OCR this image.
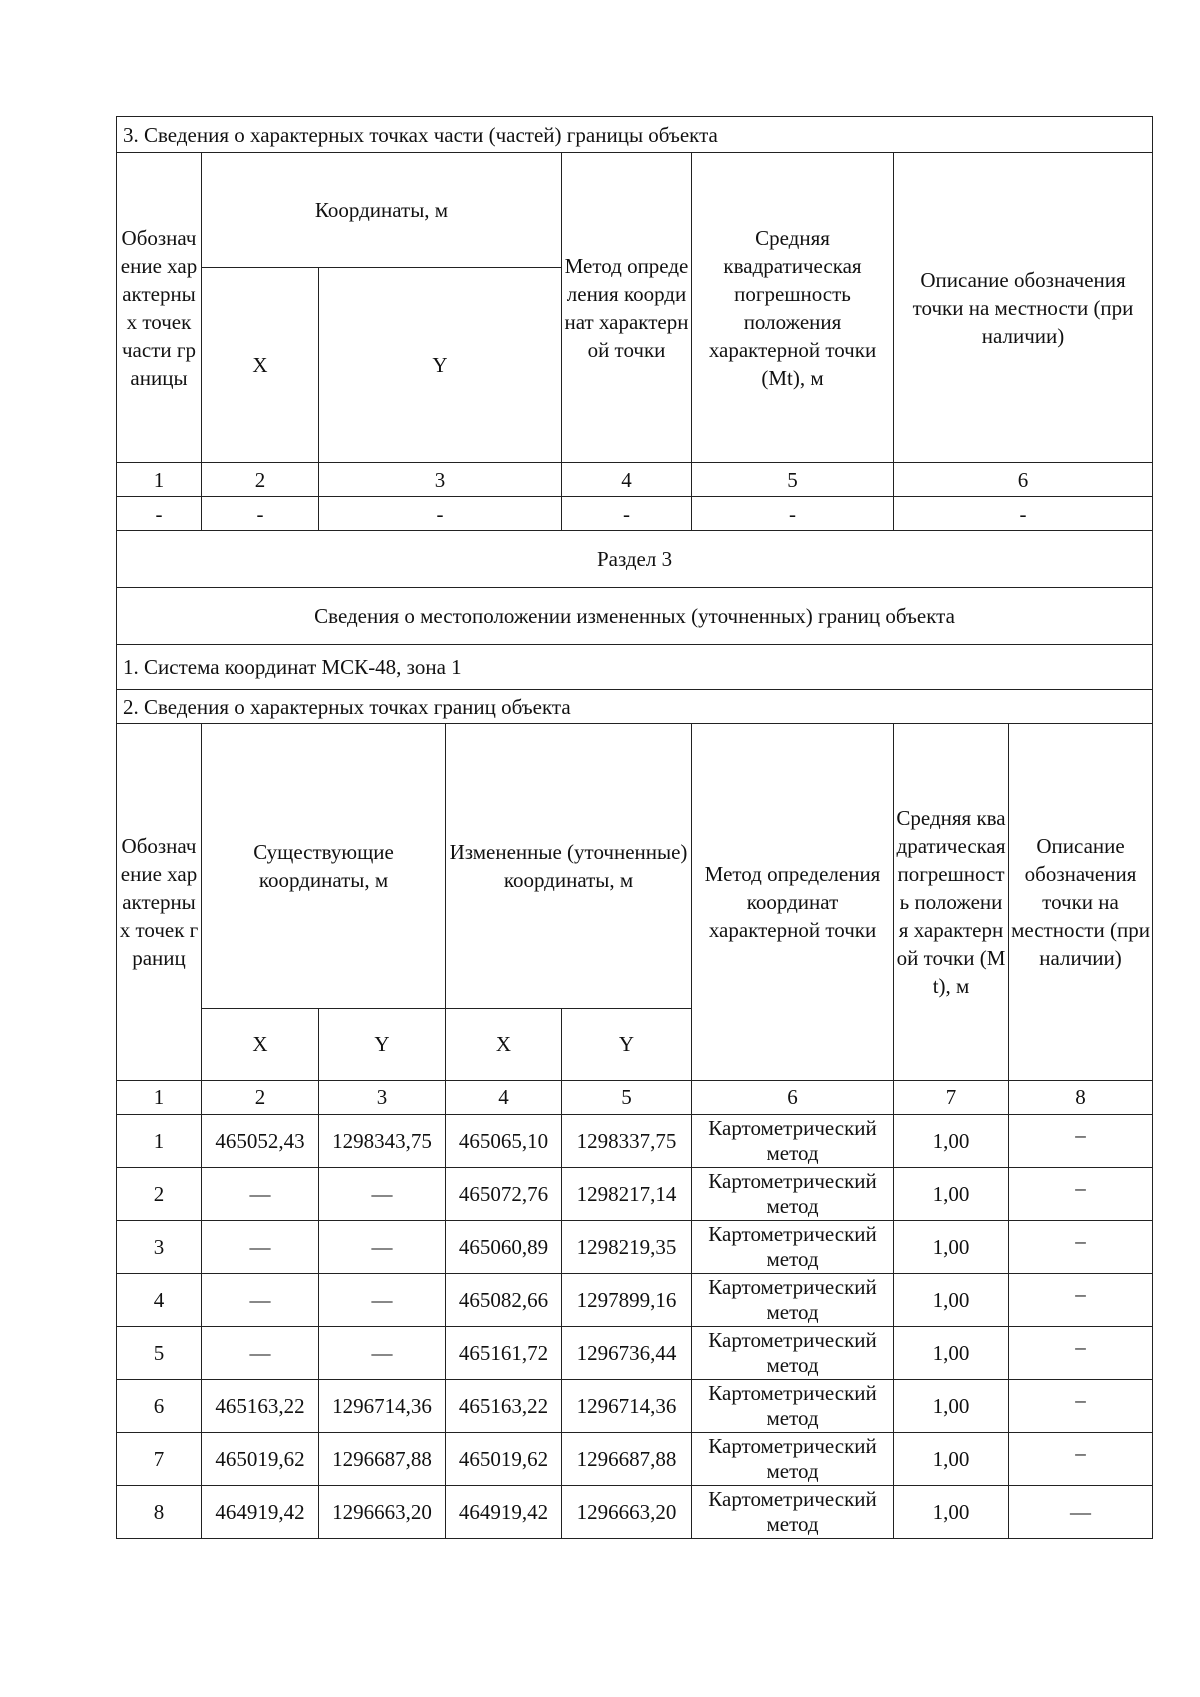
3. Сведения о характерных точках части (частей) границы объекта					
Обозначение характерных точек части границы	Координаты, м		Метод определения координат характерной точки	Средняя квадратическая погрешность положения характерной точки (Mt), м	Описание обозначения точки на местности (при наличии)
	X	Y			
1	2	3	4	5	6
-	-	-	-	-	-
Раздел 3					
Сведения о местоположении измененных (уточненных) границ объекта					
1. Система координат МСК-48, зона 1					
2. Сведения о характерных точках границ объекта					
Обозначение характерных точек границ	Существующие координаты, м		Измененные (уточненные) координаты, м		Метод определения координат характерной точки	Средняя квадратическая погрешность положения характерной точки (Mt), м	Описание обозначения точки на местности (при наличии)
	X	Y	X	Y			
1	2	3	4	5	6	7	8
1	465052,43	1298343,75	465065,10	1298337,75	Картометрический метод	1,00	–
2	—	—	465072,76	1298217,14	Картометрический метод	1,00	–
3	—	—	465060,89	1298219,35	Картометрический метод	1,00	–
4	—	—	465082,66	1297899,16	Картометрический метод	1,00	–
5	—	—	465161,72	1296736,44	Картометрический метод	1,00	–
6	465163,22	1296714,36	465163,22	1296714,36	Картометрический метод	1,00	–
7	465019,62	1296687,88	465019,62	1296687,88	Картометрический метод	1,00	–
8	464919,42	1296663,20	464919,42	1296663,20	Картометрический метод	1,00	—
